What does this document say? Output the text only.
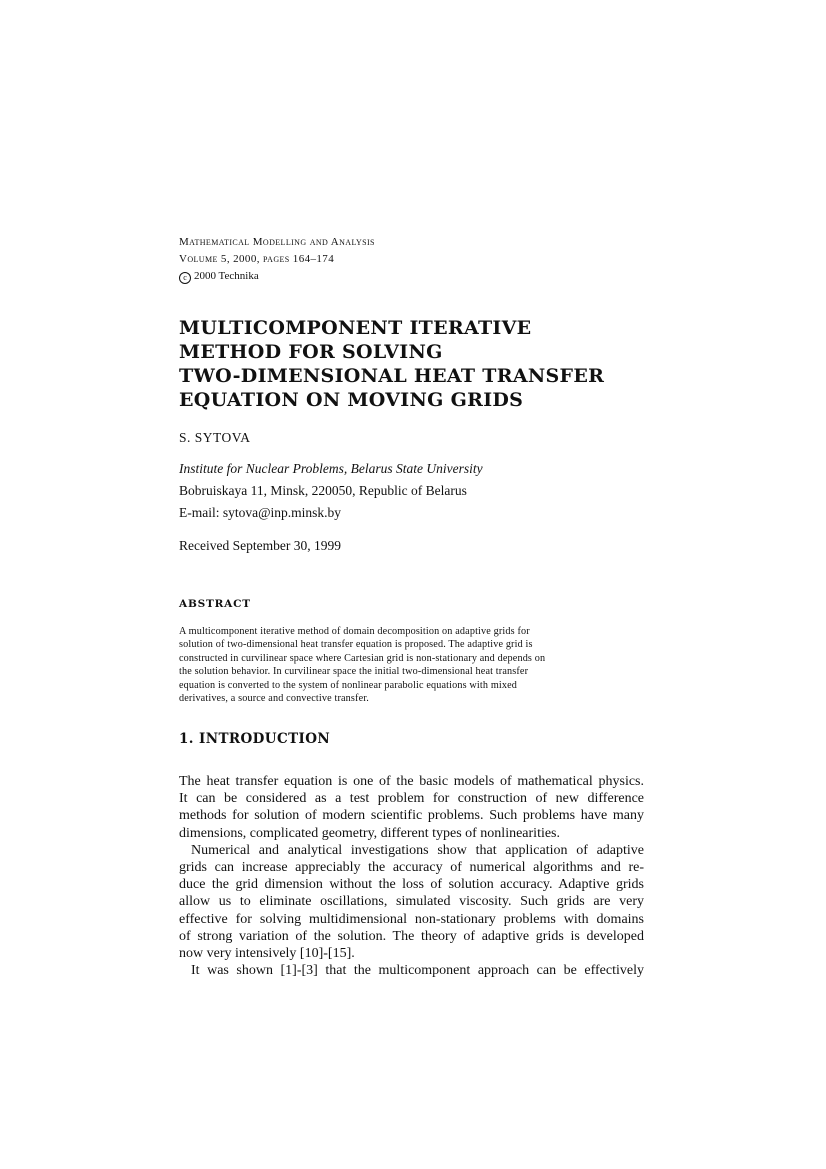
Mathematical Modelling and Analysis
Volume 5, 2000, pages 164–174
c 2000 Technika
MULTICOMPONENT ITERATIVE
METHOD FOR SOLVING
TWO-DIMENSIONAL HEAT TRANSFER
EQUATION ON MOVING GRIDS
S. SYTOVA
Institute for Nuclear Problems, Belarus State University
Bobruiskaya 11, Minsk, 220050, Republic of Belarus
E-mail: sytova@inp.minsk.by
Received September 30, 1999
ABSTRACT
A multicomponent iterative method of domain decomposition on adaptive grids for
solution of two-dimensional heat transfer equation is proposed. The adaptive grid is
constructed in curvilinear space where Cartesian grid is non-stationary and depends on
the solution behavior. In curvilinear space the initial two-dimensional heat transfer
equation is converted to the system of nonlinear parabolic equations with mixed
derivatives, a source and convective transfer.
1. INTRODUCTION
The heat transfer equation is one of the basic models of mathematical physics.
It can be considered as a test problem for construction of new difference
methods for solution of modern scientific problems. Such problems have many
dimensions, complicated geometry, different types of nonlinearities.
Numerical and analytical investigations show that application of adaptive
grids can increase appreciably the accuracy of numerical algorithms and re-
duce the grid dimension without the loss of solution accuracy. Adaptive grids
allow us to eliminate oscillations, simulated viscosity. Such grids are very
effective for solving multidimensional non-stationary problems with domains
of strong variation of the solution. The theory of adaptive grids is developed
now very intensively [10]-[15].
It was shown [1]-[3] that the multicomponent approach can be effectively
